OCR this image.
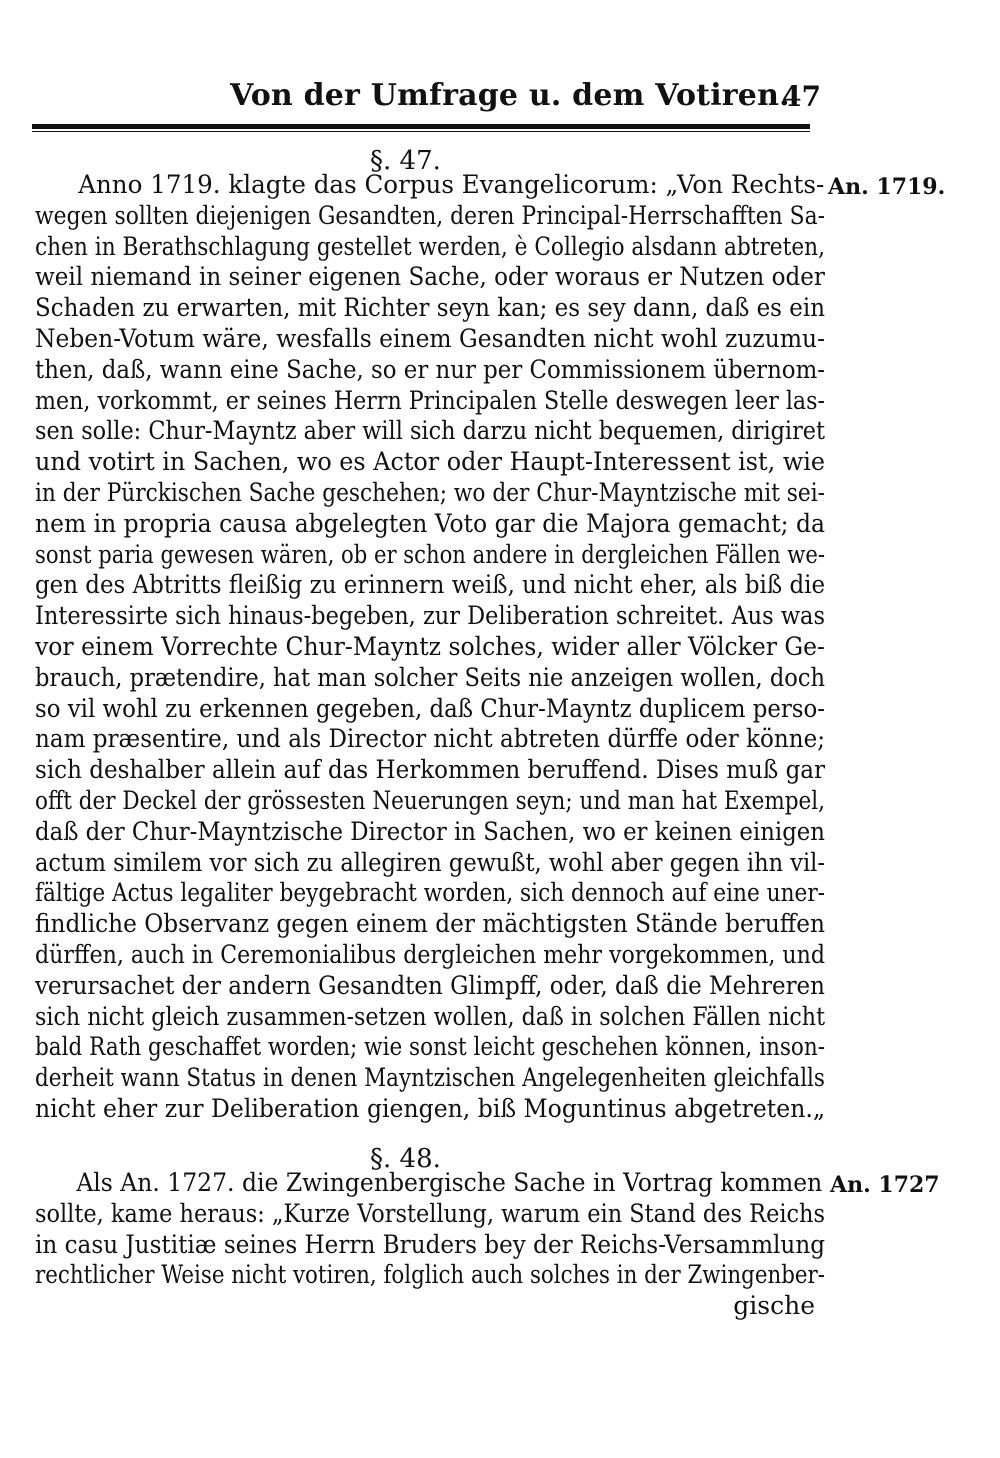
Von der Umfrage u. dem Votiren.
47
§. 47.
An. 1719.
Anno 1719. klagte das Corpus Evangelicorum: „Von Rechts-
wegen sollten diejenigen Gesandten, deren Principal-Herrschafften Sa-
chen in Berathschlagung gestellet werden, è Collegio alsdann abtreten,
weil niemand in seiner eigenen Sache, oder woraus er Nutzen oder
Schaden zu erwarten, mit Richter seyn kan; es sey dann, daß es ein
Neben-Votum wäre, wesfalls einem Gesandten nicht wohl zuzumu-
then, daß, wann eine Sache, so er nur per Commissionem übernom-
men, vorkommt, er seines Herrn Principalen Stelle deswegen leer las-
sen solle: Chur-Mayntz aber will sich darzu nicht bequemen, dirigiret
und votirt in Sachen, wo es Actor oder Haupt-Interessent ist, wie
in der Pürckischen Sache geschehen; wo der Chur-Mayntzische mit sei-
nem in propria causa abgelegten Voto gar die Majora gemacht; da
sonst paria gewesen wären, ob er schon andere in dergleichen Fällen we-
gen des Abtritts fleißig zu erinnern weiß, und nicht eher, als biß die
Interessirte sich hinaus-begeben, zur Deliberation schreitet. Aus was
vor einem Vorrechte Chur-Mayntz solches, wider aller Völcker Ge-
brauch, prætendire, hat man solcher Seits nie anzeigen wollen, doch
so vil wohl zu erkennen gegeben, daß Chur-Mayntz duplicem perso-
nam præsentire, und als Director nicht abtreten dürffe oder könne;
sich deshalber allein auf das Herkommen beruffend. Dises muß gar
offt der Deckel der grössesten Neuerungen seyn; und man hat Exempel,
daß der Chur-Mayntzische Director in Sachen, wo er keinen einigen
actum similem vor sich zu allegiren gewußt, wohl aber gegen ihn vil-
fältige Actus legaliter beygebracht worden, sich dennoch auf eine uner-
findliche Observanz gegen einem der mächtigsten Stände beruffen
dürffen, auch in Ceremonialibus dergleichen mehr vorgekommen, und
verursachet der andern Gesandten Glimpff, oder, daß die Mehreren
sich nicht gleich zusammen-setzen wollen, daß in solchen Fällen nicht
bald Rath geschaffet worden; wie sonst leicht geschehen können, inson-
derheit wann Status in denen Mayntzischen Angelegenheiten gleichfalls
nicht eher zur Deliberation giengen, biß Moguntinus abgetreten.„
§. 48.
An. 1727
Als An. 1727. die Zwingenbergische Sache in Vortrag kommen
sollte, kame heraus: „Kurze Vorstellung, warum ein Stand des Reichs
in casu Justitiæ seines Herrn Bruders bey der Reichs-Versammlung
rechtlicher Weise nicht votiren, folglich auch solches in der Zwingenber-
gische
